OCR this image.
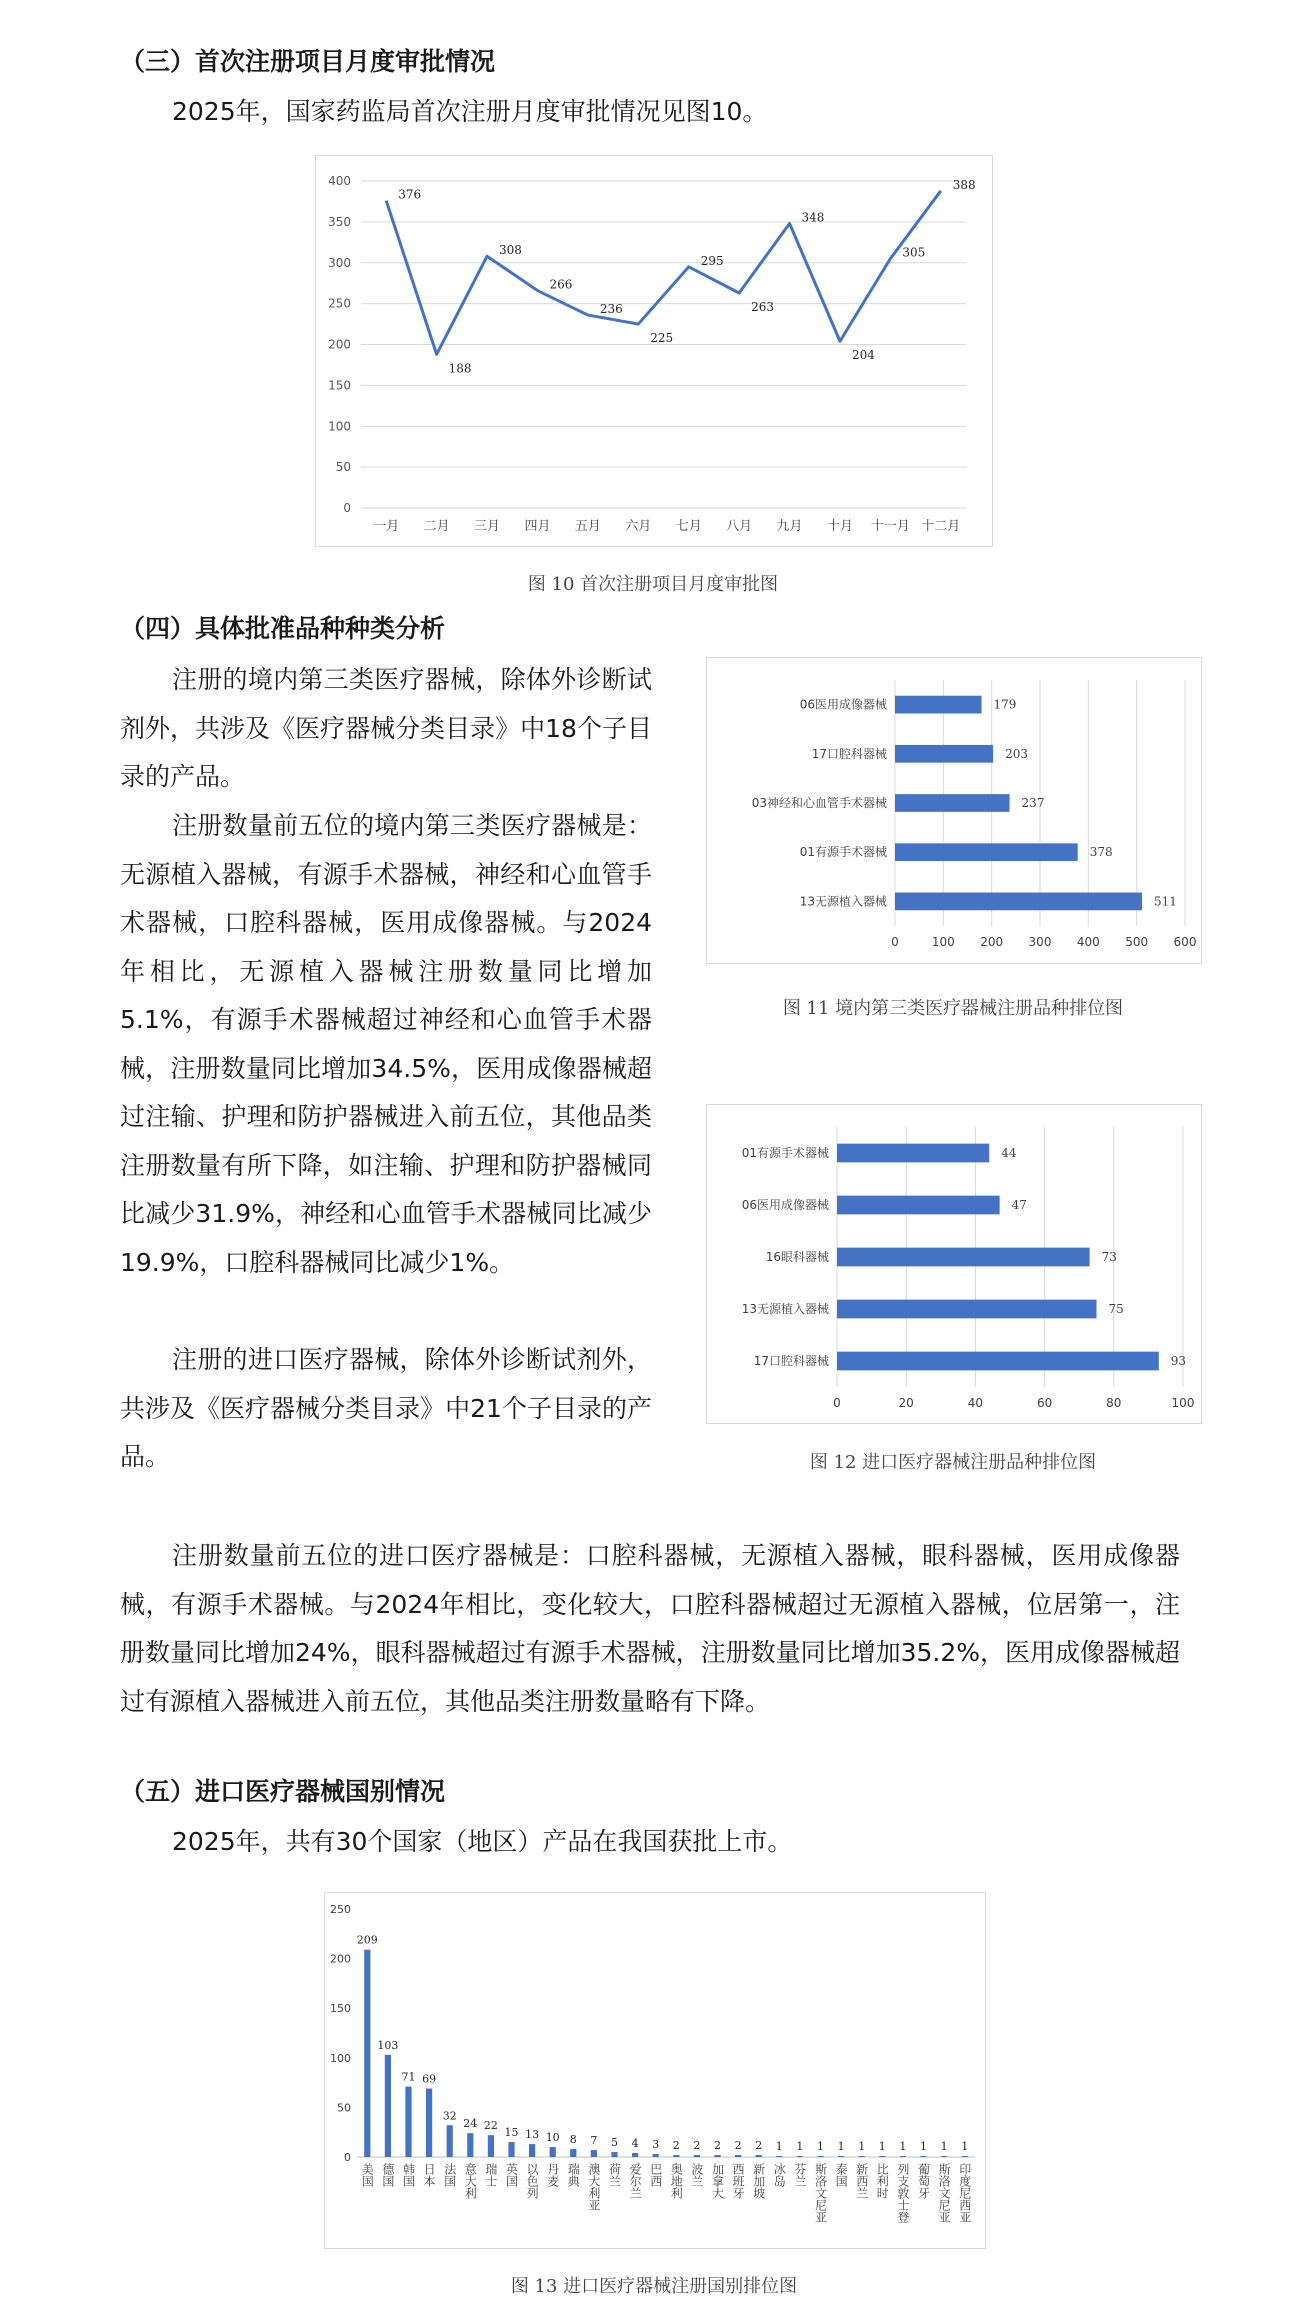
（三）首次注册项目月度审批情况
2025年，国家药监局首次注册月度审批情况见图10。
0
50
100
150
200
250
300
350
400
一月 二月 三月 四月 五月 六月 七月 八月 九月 十月 十一月 十二月
376
188
308
266
236
225
295
263
348
204
305
388
图 10 首次注册项目月度审批图
（四）具体批准品种种类分析
注册的境内第三类医疗器械，除体外诊断试剂外，共涉及《医疗器械分类目录》中18个子目录的产品。
注册数量前五位的境内第三类医疗器械是：无源植入器械，有源手术器械，神经和心血管手术器械，口腔科器械，医用成像器械。与2024年相比，无源植入器械注册数量同比增加5.1%，有源手术器械超过神经和心血管手术器械，注册数量同比增加34.5%，医用成像器械超过注输、护理和防护器械进入前五位，其他品类注册数量有所下降，如注输、护理和防护器械同比减少31.9%，神经和心血管手术器械同比减少19.9%，口腔科器械同比减少1%。
注册的进口医疗器械，除体外诊断试剂外，共涉及《医疗器械分类目录》中21个子目录的产品。
0	100 200 300 400 500 600
06医用成像器械	179
17口腔科器械	203
03神经和心血管手术器械	237
01有源手术器械	378
13无源植入器械	511
图 11 境内第三类医疗器械注册品种排位图
0	20	40	60	80	100
01有源手术器械	44
06医用成像器械	47
16眼科器械	73
13无源植入器械	75
17口腔科器械	93
图 12 进口医疗器械注册品种排位图
注册数量前五位的进口医疗器械是：口腔科器械，无源植入器械，眼科器械，医用成像器械，有源手术器械。与2024年相比，变化较大，口腔科器械超过无源植入器械，位居第一，注册数量同比增加24%，眼科器械超过有源手术器械，注册数量同比增加35.2%，医用成像器械超过有源植入器械进入前五位，其他品类注册数量略有下降。
（五）进口医疗器械国别情况
2025年，共有30个国家（地区）产品在我国获批上市。
0
50
100
150
200
250
209
美国
103
德国
71
韩国
69
日本
32
法国
24
意大利
22
瑞士
15
英国
13
以色列
10
丹麦
8
瑞典
7
澳大利亚
5
荷兰
4
爱尔兰
3
巴西
2
奥地利
2
波兰
2
加拿大
2
西班牙
2
新加坡
1
冰岛
1
芬兰
1
斯洛文尼亚
1
泰国
1
新西兰
1
比利时
1
列支敦士登
1
葡萄牙
1
斯洛文尼亚
1
印度尼西亚
图 13 进口医疗器械注册国别排位图
